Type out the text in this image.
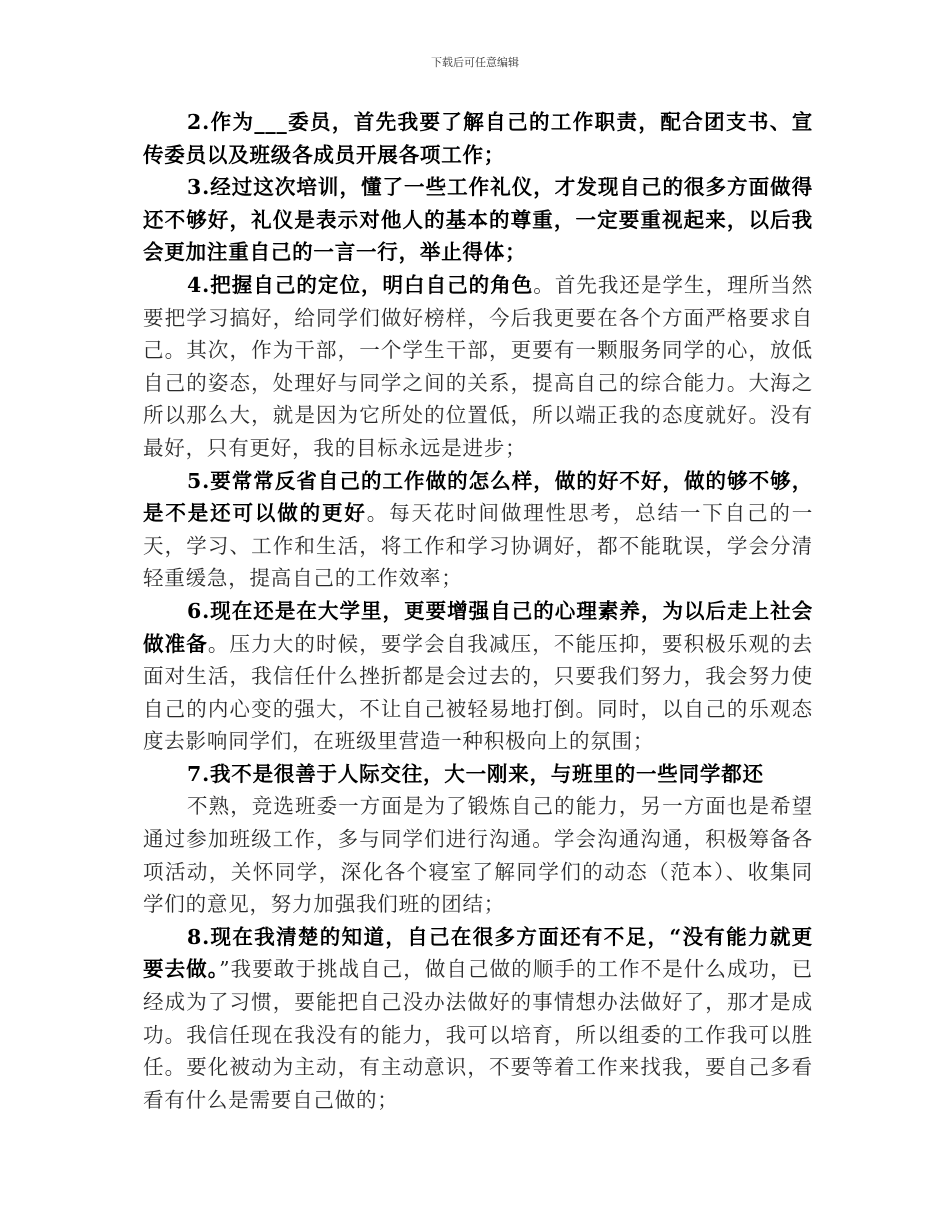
下载后可任意编辑

2.作为___委员，首先我要了解自己的工作职责，配合团支书、宣传委员以及班级各成员开展各项工作；

3.经过这次培训，懂了一些工作礼仪，才发现自己的很多方面做得还不够好，礼仪是表示对他人的基本的尊重，一定要重视起来，以后我会更加注重自己的一言一行，举止得体；

4.把握自己的定位，明白自己的角色。首先我还是学生，理所当然要把学习搞好，给同学们做好榜样，今后我更要在各个方面严格要求自己。其次，作为干部，一个学生干部，更要有一颗服务同学的心，放低自己的姿态，处理好与同学之间的关系，提高自己的综合能力。大海之所以那么大，就是因为它所处的位置低，所以端正我的态度就好。没有最好，只有更好，我的目标永远是进步；

5.要常常反省自己的工作做的怎么样，做的好不好，做的够不够，是不是还可以做的更好。每天花时间做理性思考，总结一下自己的一天，学习、工作和生活，将工作和学习协调好，都不能耽误，学会分清轻重缓急，提高自己的工作效率；

6.现在还是在大学里，更要增强自己的心理素养，为以后走上社会做准备。压力大的时候，要学会自我减压，不能压抑，要积极乐观的去面对生活，我信任什么挫折都是会过去的，只要我们努力，我会努力使自己的内心变的强大，不让自己被轻易地打倒。同时，以自己的乐观态度去影响同学们，在班级里营造一种积极向上的氛围；

7.我不是很善于人际交往，大一刚来，与班里的一些同学都还

不熟，竞选班委一方面是为了锻炼自己的能力，另一方面也是希望通过参加班级工作，多与同学们进行沟通。学会沟通沟通，积极筹备各项活动，关怀同学，深化各个寝室了解同学们的动态（范本）、收集同学们的意见，努力加强我们班的团结；

8.现在我清楚的知道，自己在很多方面还有不足，“没有能力就更要去做。”我要敢于挑战自己，做自己做的顺手的工作不是什么成功，已经成为了习惯，要能把自己没办法做好的事情想办法做好了，那才是成功。我信任现在我没有的能力，我可以培育，所以组委的工作我可以胜任。要化被动为主动，有主动意识，不要等着工作来找我，要自己多看看有什么是需要自己做的；
